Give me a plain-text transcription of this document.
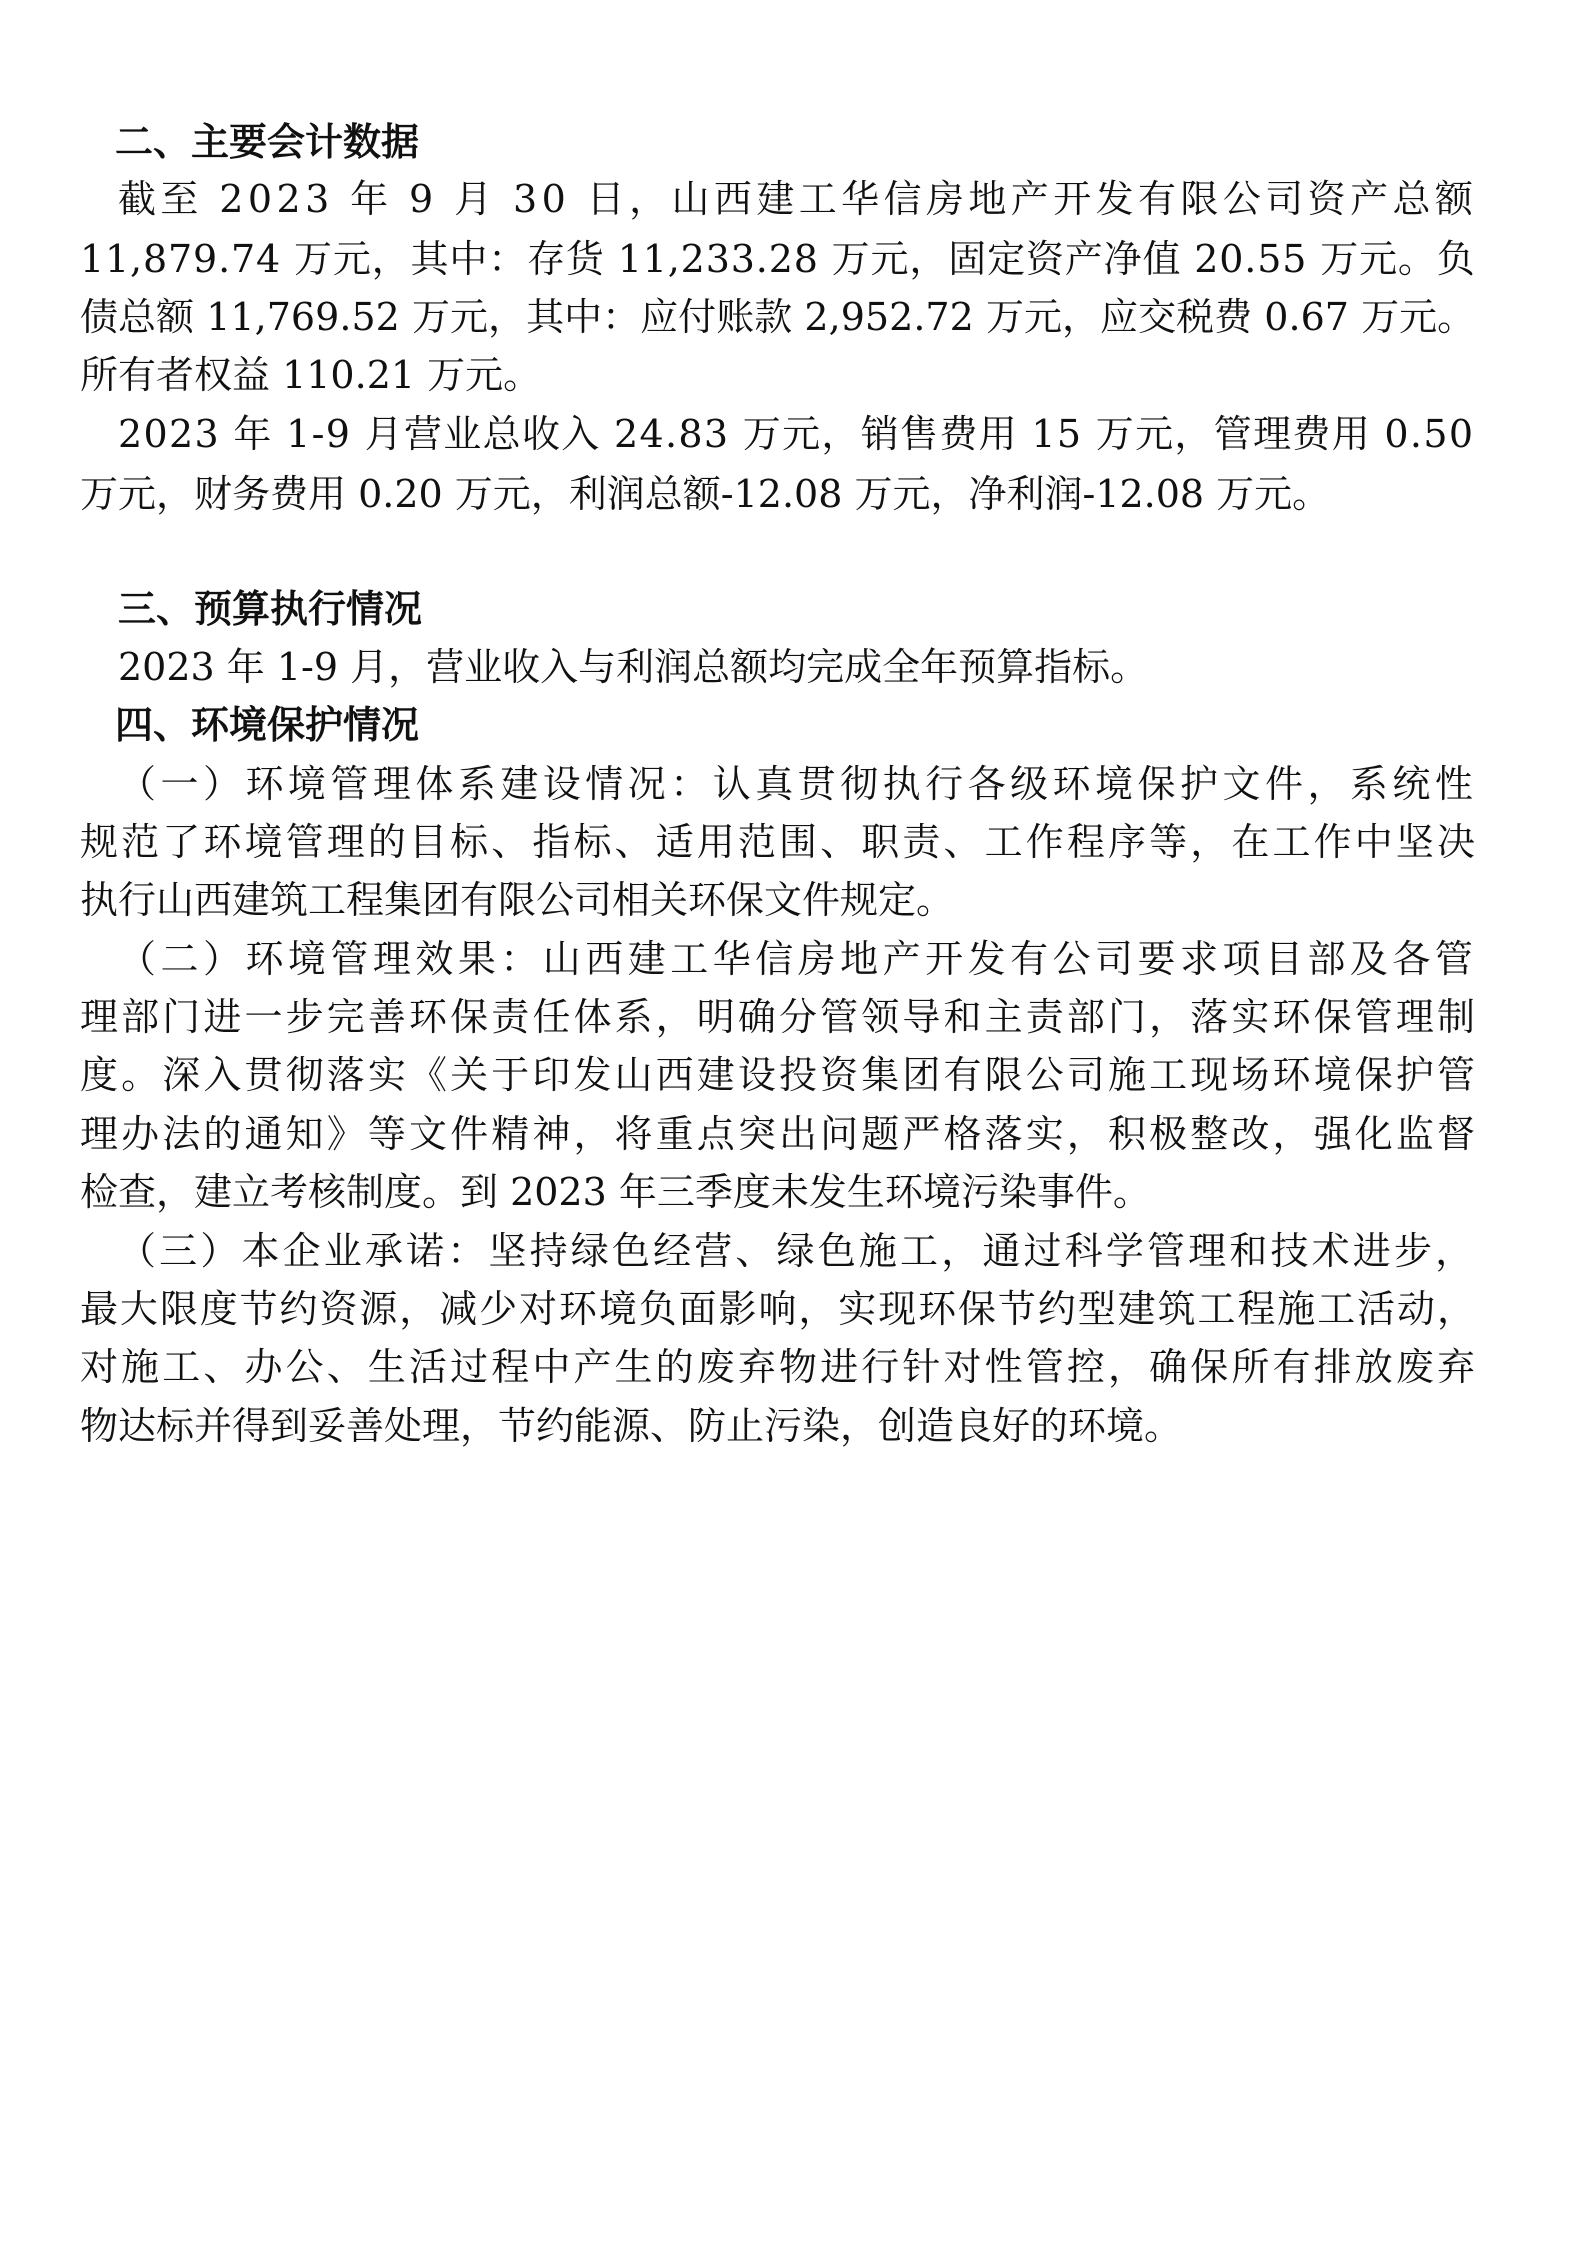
二、主要会计数据
截至 2023 年 9 月 30 日，山西建工华信房地产开发有限公司资产总额
11,879.74 万元，其中：存货 11,233.28 万元，固定资产净值 20.55 万元。负
债总额 11,769.52 万元，其中：应付账款 2,952.72 万元，应交税费 0.67 万元。
所有者权益 110.21 万元。
2023 年 1-9 月营业总收入 24.83 万元，销售费用 15 万元，管理费用 0.50
万元，财务费用 0.20 万元，利润总额-12.08 万元，净利润-12.08 万元。
三、预算执行情况
2023 年 1-9 月，营业收入与利润总额均完成全年预算指标。
四、环境保护情况
（一）环境管理体系建设情况：认真贯彻执行各级环境保护文件，系统性
规范了环境管理的目标、指标、适用范围、职责、工作程序等，在工作中坚决
执行山西建筑工程集团有限公司相关环保文件规定。
（二）环境管理效果：山西建工华信房地产开发有公司要求项目部及各管
理部门进一步完善环保责任体系，明确分管领导和主责部门，落实环保管理制
度。深入贯彻落实《关于印发山西建设投资集团有限公司施工现场环境保护管
理办法的通知》等文件精神，将重点突出问题严格落实，积极整改，强化监督
检查，建立考核制度。到 2023 年三季度未发生环境污染事件。
（三）本企业承诺：坚持绿色经营、绿色施工，通过科学管理和技术进步，
最大限度节约资源，减少对环境负面影响，实现环保节约型建筑工程施工活动，
对施工、办公、生活过程中产生的废弃物进行针对性管控，确保所有排放废弃
物达标并得到妥善处理，节约能源、防止污染，创造良好的环境。
